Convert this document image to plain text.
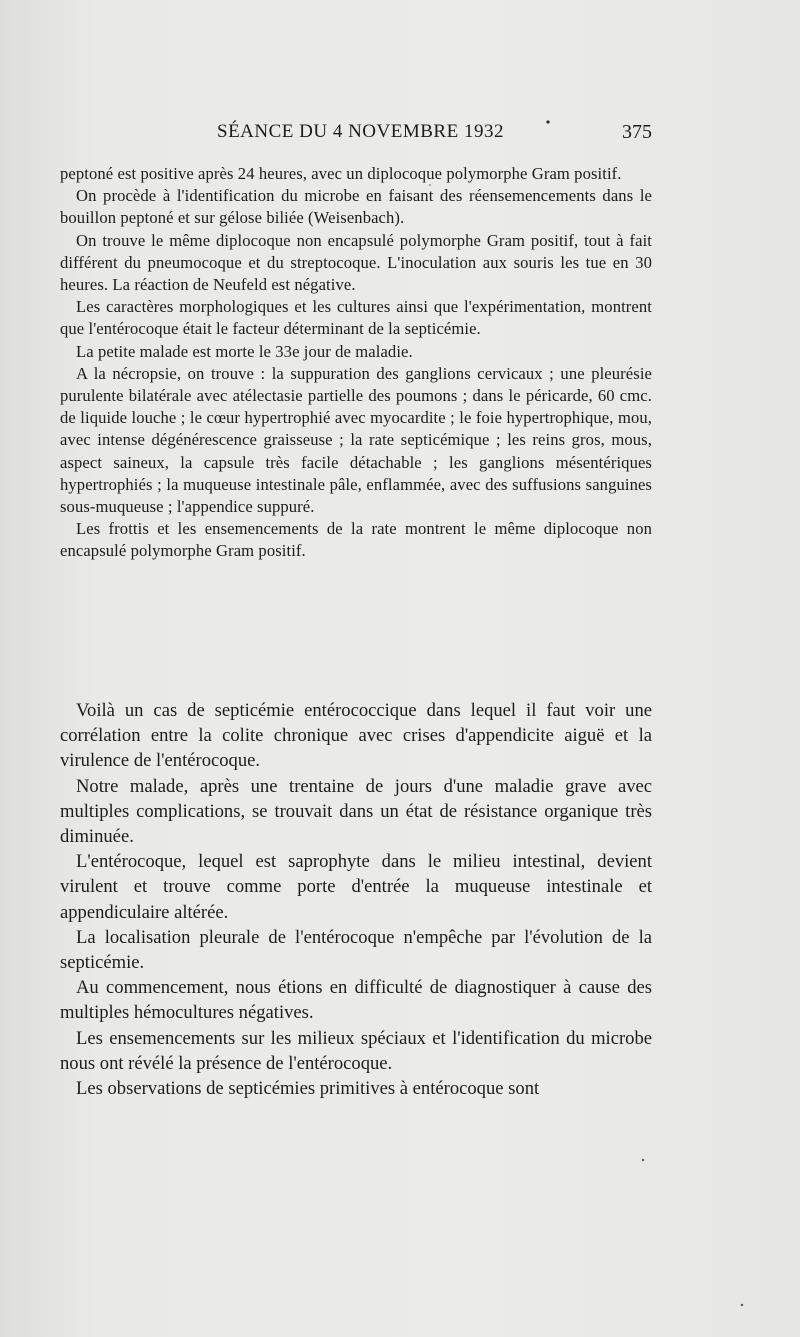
SÉANCE DU 4 NOVEMBRE 1932	375

peptoné est positive après 24 heures, avec un diplocoque polymorphe Gram positif.

On procède à l'identification du microbe en faisant des réensemencements dans le bouillon peptoné et sur gélose biliée (Weisenbach).

On trouve le même diplocoque non encapsulé polymorphe Gram positif, tout à fait différent du pneumocoque et du streptocoque. L'inoculation aux souris les tue en 30 heures. La réaction de Neufeld est négative.

Les caractères morphologiques et les cultures ainsi que l'expérimentation, montrent que l'entérocoque était le facteur déterminant de la septicémie.

La petite malade est morte le 33e jour de maladie.

A la nécropsie, on trouve : la suppuration des ganglions cervicaux ; une pleurésie purulente bilatérale avec atélectasie partielle des poumons ; dans le péricarde, 60 cmc. de liquide louche ; le cœur hypertrophié avec myocardite ; le foie hypertrophique, mou, avec intense dégénérescence graisseuse ; la rate septicémique ; les reins gros, mous, aspect saineux, la capsule très facile détachable ; les ganglions mésentériques hypertrophiés ; la muqueuse intestinale pâle, enflammée, avec des suffusions sanguines sous-muqueuse ; l'appendice suppuré.

Les frottis et les ensemencements de la rate montrent le même diplocoque non encapsulé polymorphe Gram positif.

Voilà un cas de septicémie entérococcique dans lequel il faut voir une corrélation entre la colite chronique avec crises d'appendicite aiguë et la virulence de l'entérocoque.

Notre malade, après une trentaine de jours d'une maladie grave avec multiples complications, se trouvait dans un état de résistance organique très diminuée.

L'entérocoque, lequel est saprophyte dans le milieu intestinal, devient virulent et trouve comme porte d'entrée la muqueuse intestinale et appendiculaire altérée.

La localisation pleurale de l'entérocoque n'empêche par l'évolution de la septicémie.

Au commencement, nous étions en difficulté de diagnostiquer à cause des multiples hémocultures négatives.

Les ensemencements sur les milieux spéciaux et l'identification du microbe nous ont révélé la présence de l'entérocoque.

Les observations de septicémies primitives à entérocoque sont
